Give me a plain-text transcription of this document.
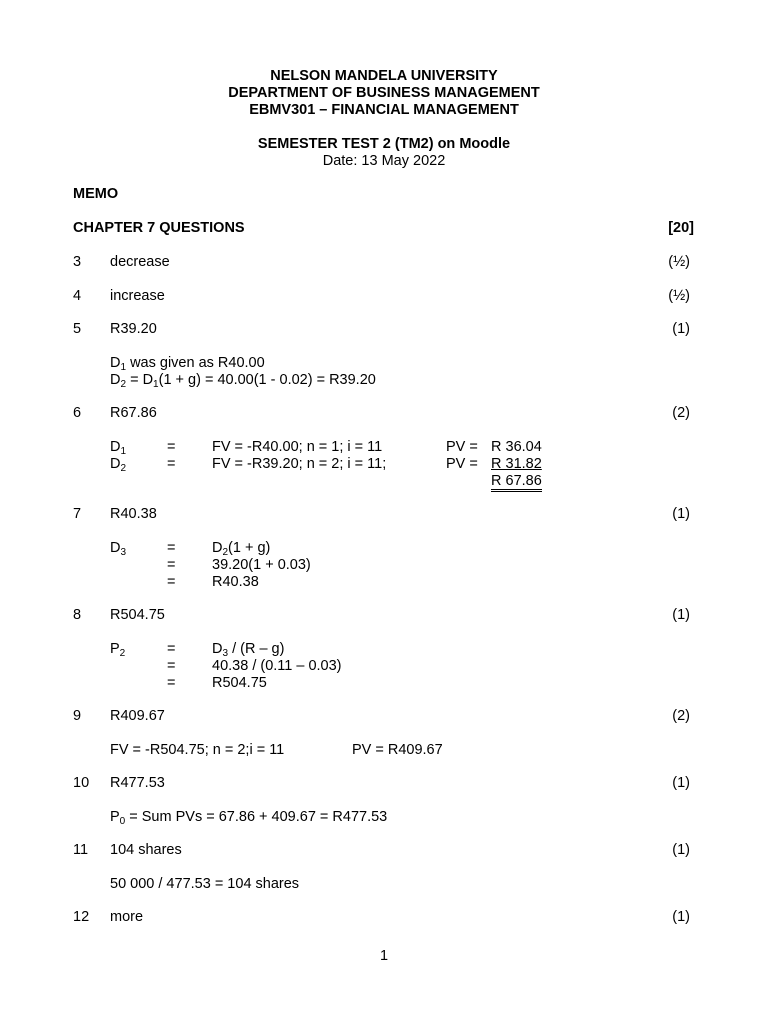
NELSON MANDELA UNIVERSITY
DEPARTMENT OF BUSINESS MANAGEMENT
EBMV301 – FINANCIAL MANAGEMENT
SEMESTER TEST 2 (TM2) on Moodle
Date: 13 May 2022
MEMO
CHAPTER 7 QUESTIONS	[20]
3 decrease	(½)
4 increase	(½)
5 R39.20	(1)
$D_1$ was given as R40.00
$D_2 = D_1(1 + g) = 40.00(1 - 0.02) = R39.20$
6 R67.86	(2)
$D_1$	=	FV = -R40.00; n = 1; i = 11	PV = R 36.04
$D_2$	=	FV = -R39.20; n = 2; i = 11;	PV = R 31.82
R 67.86
7 R40.38	(1)
$D_3$	=	$D_2(1 + g)$
=	39.20(1 + 0.03)
=	R40.38
8 R504.75	(1)
$P_2$	=	$D_3 / (R - g)$
=	40.38 / (0.11 – 0.03)
=	R504.75
9 R409.67	(2)
FV = -R504.75; n = 2;i = 11	PV = R409.67
10 R477.53	(1)
$P_0$ = Sum PVs = 67.86 + 409.67 = R477.53
11 104 shares	(1)
50 000 / 477.53 = 104 shares
12 more	(1)
1
